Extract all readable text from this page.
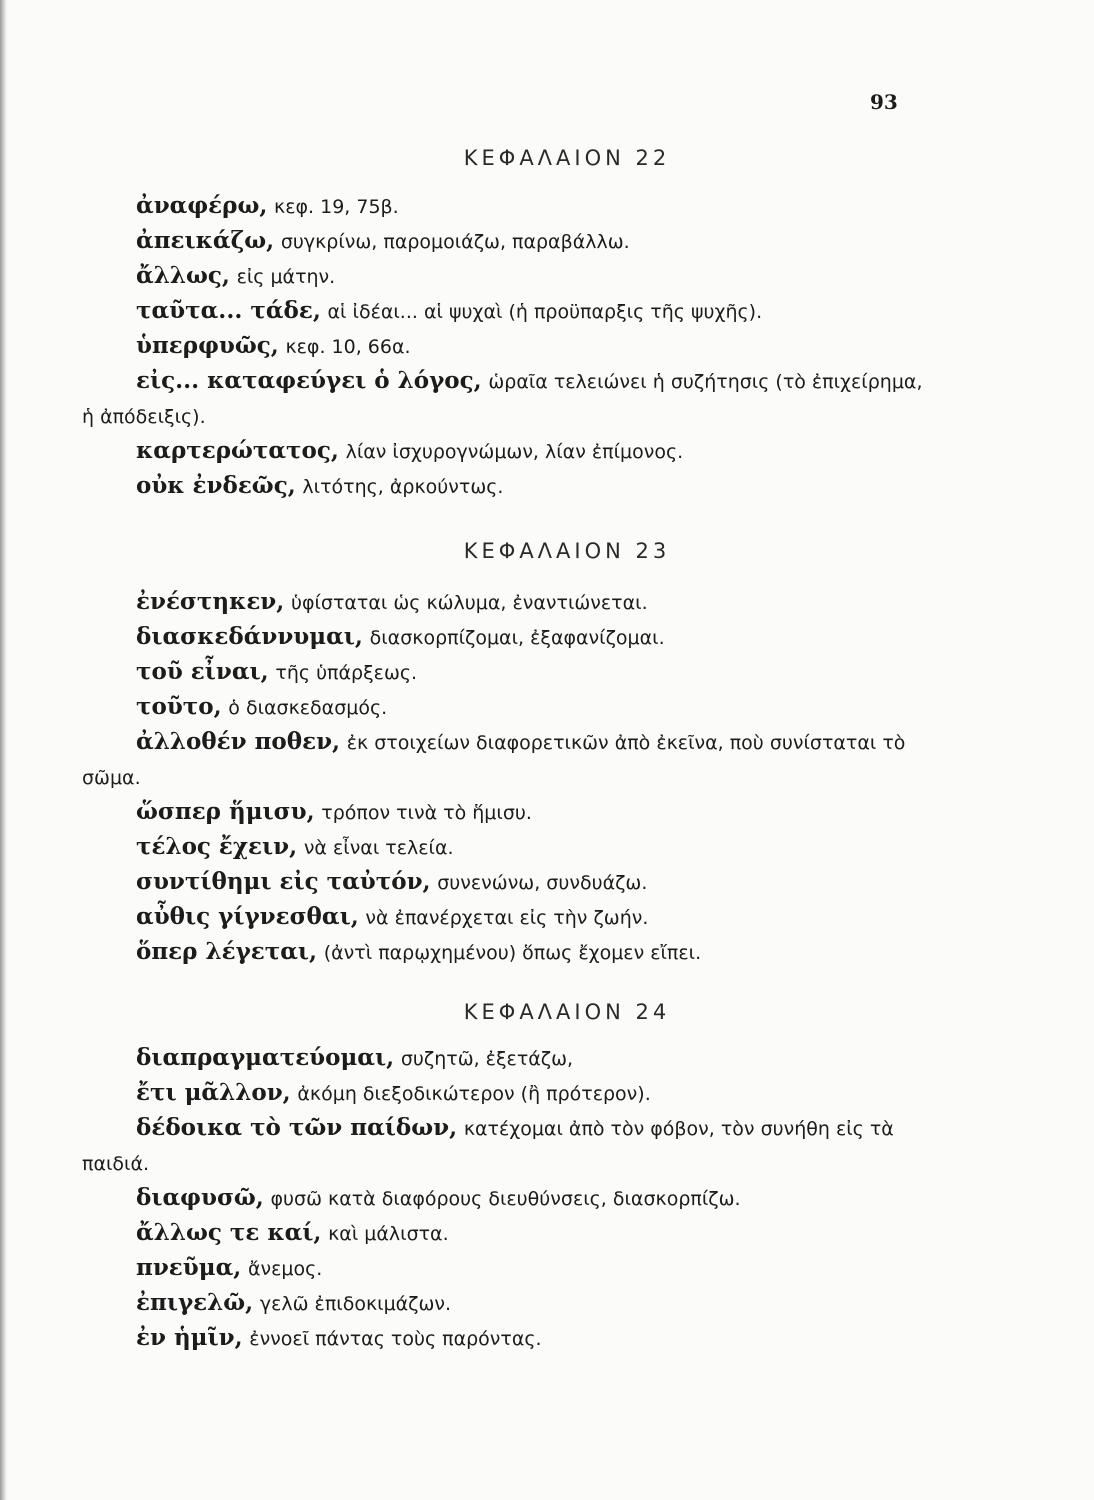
93
ΚΕΦΑΛΑΙΟΝ 22
ἀναφέρω, κεφ. 19, 75β.
ἀπεικάζω, συγκρίνω, παρομοιάζω, παραβάλλω.
ἄλλως, εἰς μάτην.
ταῦτα... τάδε, αἱ ἰδέαι... αἱ ψυχαὶ (ἡ προϋπαρξις τῆς ψυχῆς).
ὑπερφυῶς, κεφ. 10, 66α.
εἰς... καταφεύγει ὁ λόγος, ὡραῖα τελειώνει ἡ συζήτησις (τὸ ἐπιχείρημα, ἡ ἀπόδειξις).
καρτερώτατος, λίαν ἰσχυρογνώμων, λίαν ἐπίμονος.
οὐκ ἐνδεῶς, λιτότης, ἀρκούντως.
ΚΕΦΑΛΑΙΟΝ 23
ἐνέστηκεν, ὑφίσταται ὡς κώλυμα, ἐναντιώνεται.
διασκεδάννυμαι, διασκορπίζομαι, ἐξαφανίζομαι.
τοῦ εἶναι, τῆς ὑπάρξεως.
τοῦτο, ὁ διασκεδασμός.
ἀλλοθέν ποθεν, ἐκ στοιχείων διαφορετικῶν ἀπὸ ἐκεῖνα, ποὺ συνίσταται τὸ σῶμα.
ὥσπερ ἥμισυ, τρόπον τινὰ τὸ ἥμισυ.
τέλος ἔχειν, νὰ εἶναι τελεία.
συντίθημι εἰς ταὐτόν, συνενώνω, συνδυάζω.
αὖθις γίγνεσθαι, νὰ ἐπανέρχεται εἰς τὴν ζωήν.
ὅπερ λέγεται, (ἀντὶ παρῳχημένου) ὅπως ἔχομεν εἴπει.
ΚΕΦΑΛΑΙΟΝ 24
διαπραγματεύομαι, συζητῶ, ἐξετάζω,
ἔτι μᾶλλον, ἀκόμη διεξοδικώτερον (ἢ πρότερον).
δέδοικα τὸ τῶν παίδων, κατέχομαι ἀπὸ τὸν φόβον, τὸν συνήθη εἰς τὰ παιδιά.
διαφυσῶ, φυσῶ κατὰ διαφόρους διευθύνσεις, διασκορπίζω.
ἄλλως τε καί, καὶ μάλιστα.
πνεῦμα, ἄνεμος.
ἐπιγελῶ, γελῶ ἐπιδοκιμάζων.
ἐν ἡμῖν, ἐννοεῖ πάντας τοὺς παρόντας.
